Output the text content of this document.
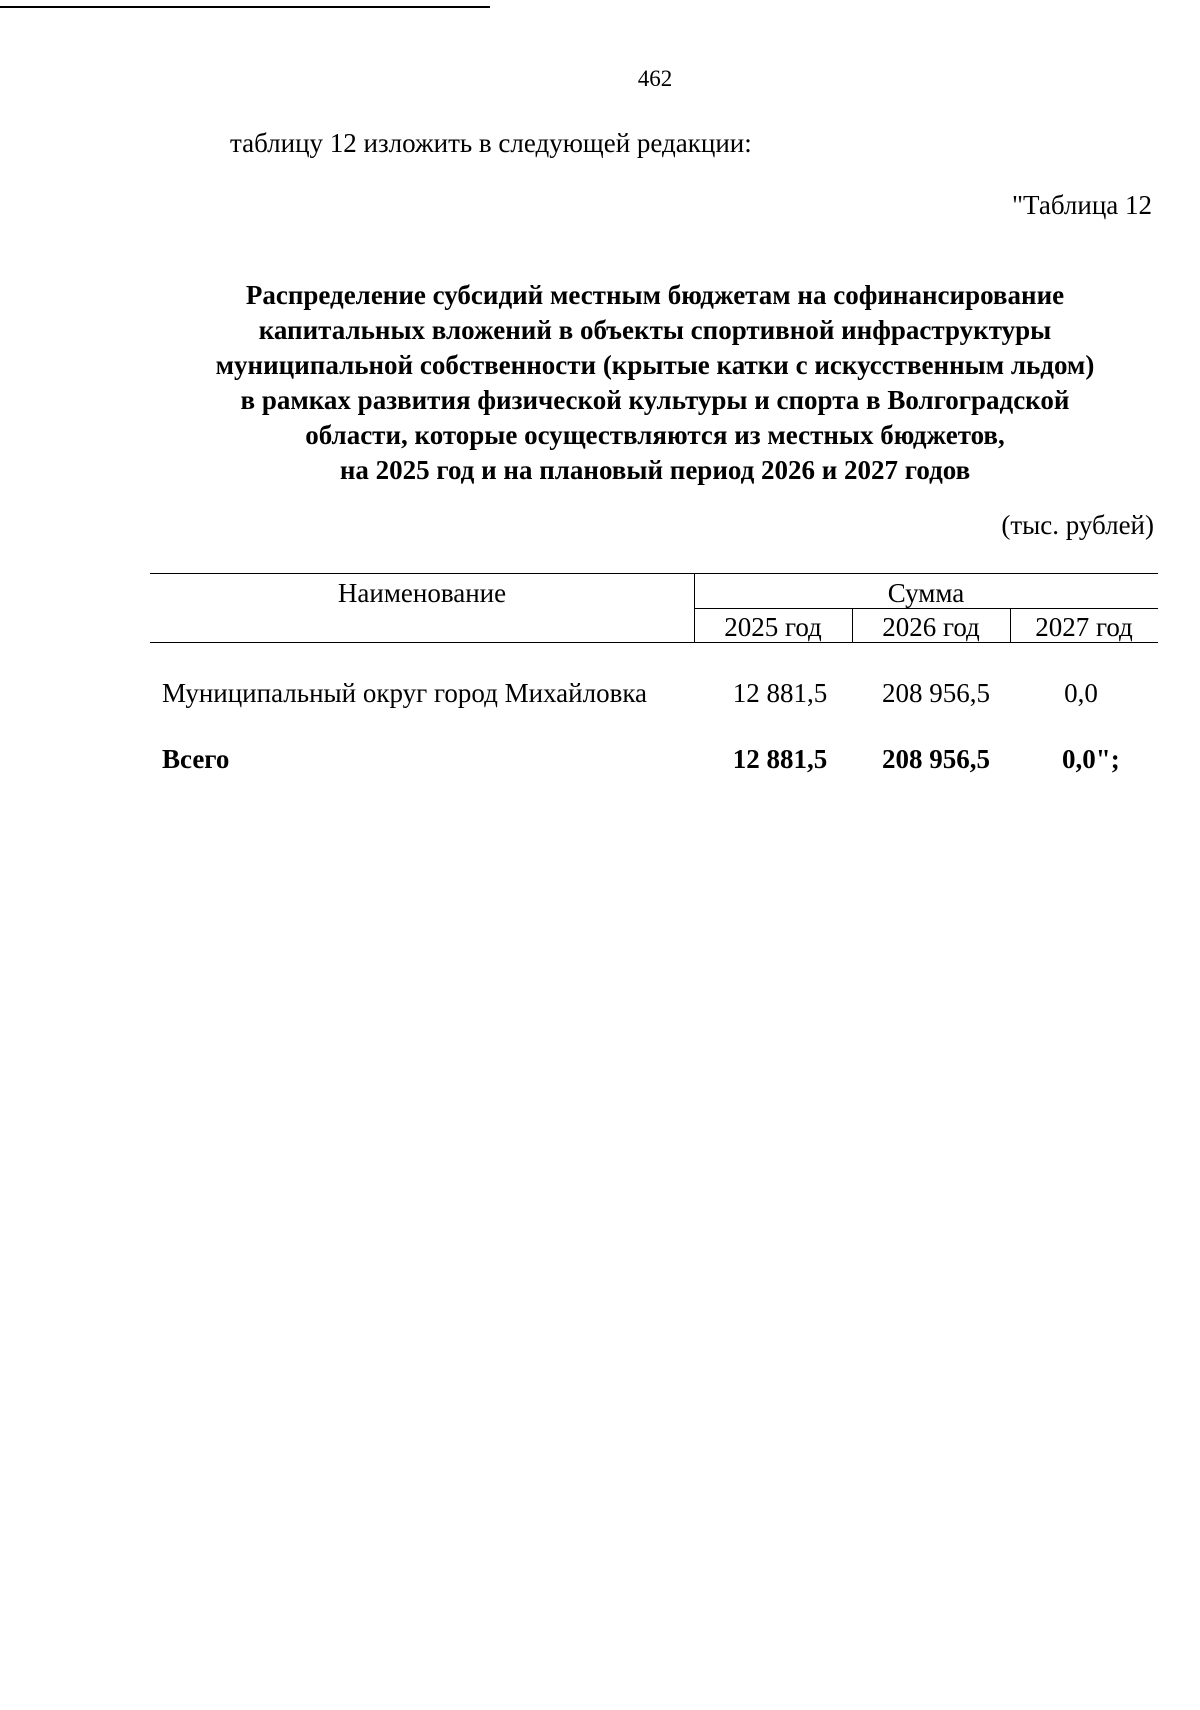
462
таблицу 12 изложить в следующей редакции:
"Таблица 12
Распределение субсидий местным бюджетам на софинансирование
капитальных вложений в объекты спортивной инфраструктуры
муниципальной собственности (крытые катки с искусственным льдом)
в рамках развития физической культуры и спорта в Волгоградской
области, которые осуществляются из местных бюджетов,
на 2025 год и на плановый период 2026 и 2027 годов
(тыс. рублей)
Наименование	Сумма
2025 год	2026 год	2027 год
Муниципальный округ город Михайловка	12 881,5	208 956,5	0,0
Всего	12 881,5	208 956,5	0,0";
